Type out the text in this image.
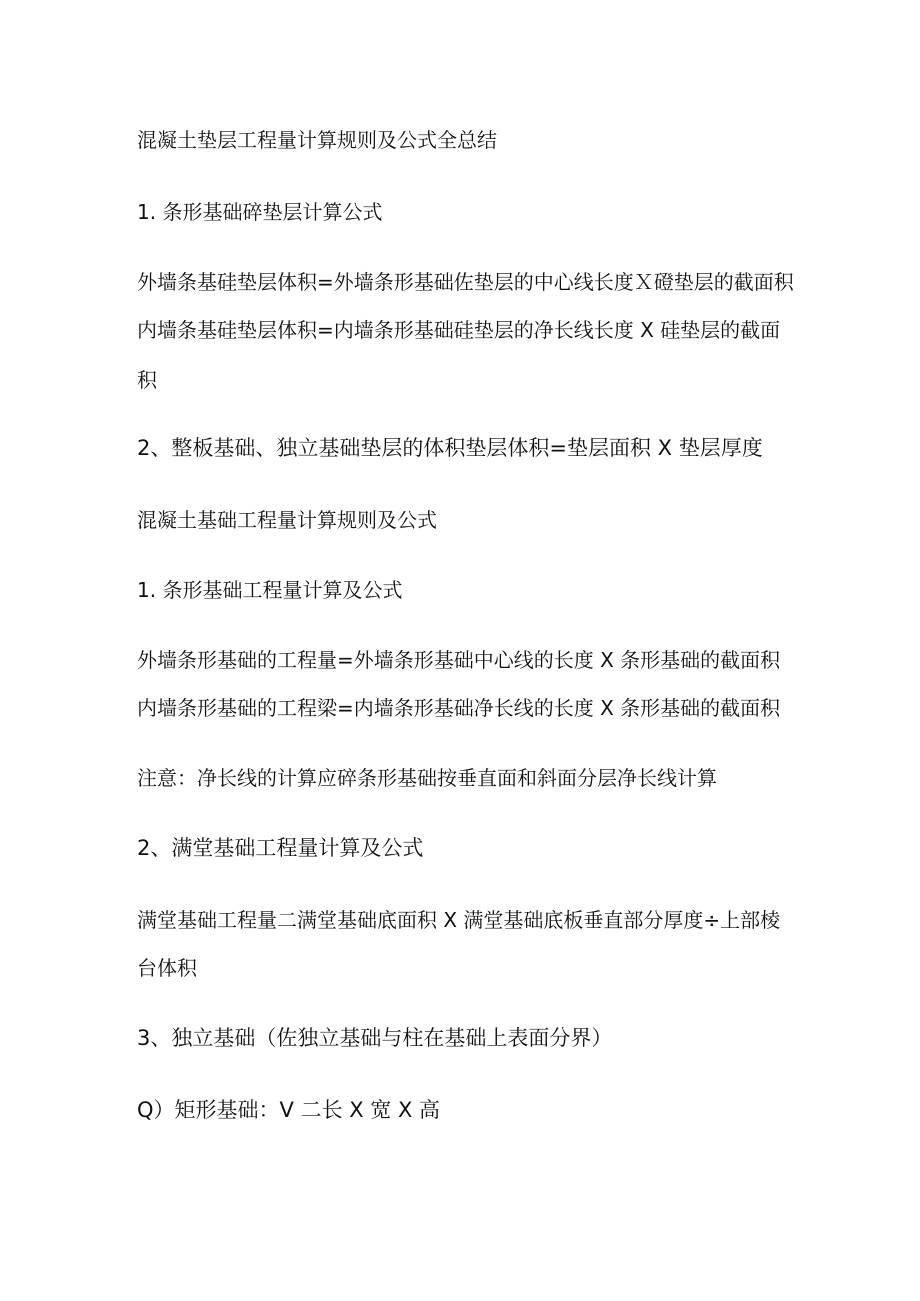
混凝土垫层工程量计算规则及公式全总结
1. 条形基础碎垫层计算公式
外墙条基硅垫层体积=外墙条形基础佐垫层的中心线长度Ｘ磴垫层的截面积
内墙条基硅垫层体积=内墙条形基础硅垫层的净长线长度 X 硅垫层的截面
积
2、整板基础、独立基础垫层的体积垫层体积=垫层面积 X 垫层厚度
混凝土基础工程量计算规则及公式
1. 条形基础工程量计算及公式
外墙条形基础的工程量=外墙条形基础中心线的长度 X 条形基础的截面积
内墙条形基础的工程梁=内墙条形基础净长线的长度 X 条形基础的截面积
注意：净长线的计算应碎条形基础按垂直面和斜面分层净长线计算
2、满堂基础工程量计算及公式
满堂基础工程量二满堂基础底面积 X 满堂基础底板垂直部分厚度÷上部棱
台体积
3、独立基础（佐独立基础与柱在基础上表面分界）
Q）矩形基础：V 二长 X 宽 X 高
